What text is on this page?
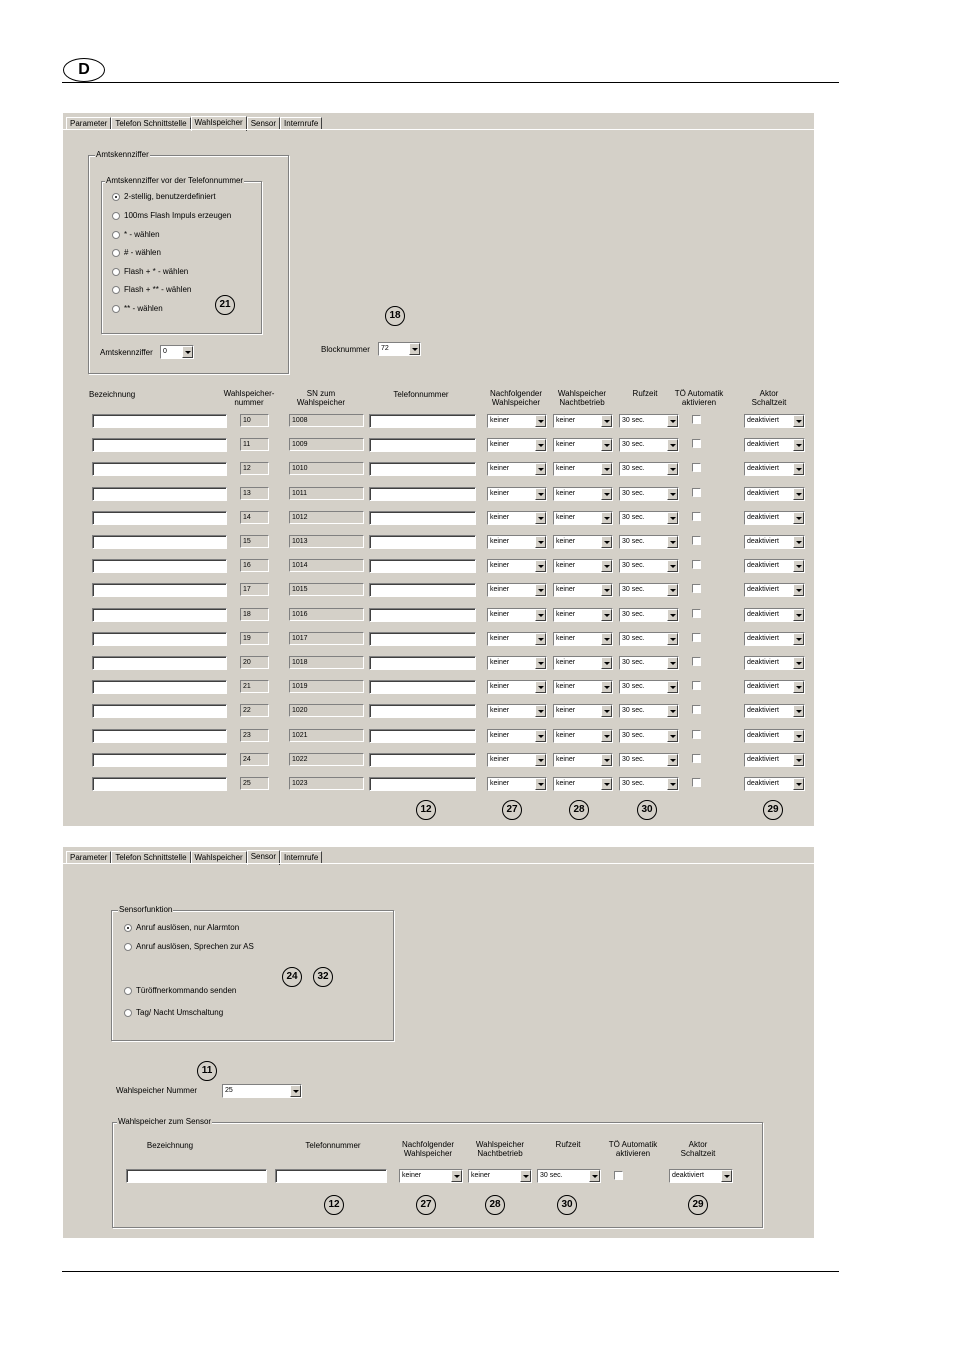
D
Parameter	Telefon Schnittstelle	Wahlspeicher	Sensor	Internrufe
Amtskennziffer
Amtskennziffer vor der Telefonnummer
2-stellig, benutzerdefiniert
100ms Flash Impuls erzeugen
* - wählen
# - wählen
Flash + * - wählen
Flash + ** - wählen
** - wählen
Amtskennziffer	0
21
18
Blocknummer	72
Bezeichnung	Wahlspeicher-
nummer
SN zum
Wahlspeicher
Telefonnummer	Nachfolgender
Wahlspeicher
Wahlspeicher
Nachtbetrieb
Rufzeit	TÖ Automatik
aktivieren
Aktor
Schaltzeit
10	1008	keiner	keiner	30 sec.	deaktiviert
11	1009	keiner	keiner	30 sec.	deaktiviert
12	1010	keiner	keiner	30 sec.	deaktiviert
13	1011	keiner	keiner	30 sec.	deaktiviert
14	1012	keiner	keiner	30 sec.	deaktiviert
15	1013	keiner	keiner	30 sec.	deaktiviert
16	1014	keiner	keiner	30 sec.	deaktiviert
17	1015	keiner	keiner	30 sec.	deaktiviert
18	1016	keiner	keiner	30 sec.	deaktiviert
19	1017	keiner	keiner	30 sec.	deaktiviert
20	1018	keiner	keiner	30 sec.	deaktiviert
21	1019	keiner	keiner	30 sec.	deaktiviert
22	1020	keiner	keiner	30 sec.	deaktiviert
23	1021	keiner	keiner	30 sec.	deaktiviert
24	1022	keiner	keiner	30 sec.	deaktiviert
25	1023	keiner	keiner	30 sec.	deaktiviert
12	27	28	30	29
Parameter	Telefon Schnittstelle	Wahlspeicher	Sensor	Internrufe
Sensorfunktion
Anruf auslösen, nur Alarmton
Anruf auslösen, Sprechen zur AS
Türöffnerkommando senden
Tag/ Nacht Umschaltung
24	32
11
Wahlspeicher Nummer	25
Wahlspeicher zum Sensor
Bezeichnung	Telefonnummer	Nachfolgender
Wahlspeicher
Wahlspeicher
Nachtbetrieb
Rufzeit	TÖ Automatik
aktivieren
Aktor
Schaltzeit
keiner	keiner	30 sec.	deaktiviert
12	27	28	30	29
